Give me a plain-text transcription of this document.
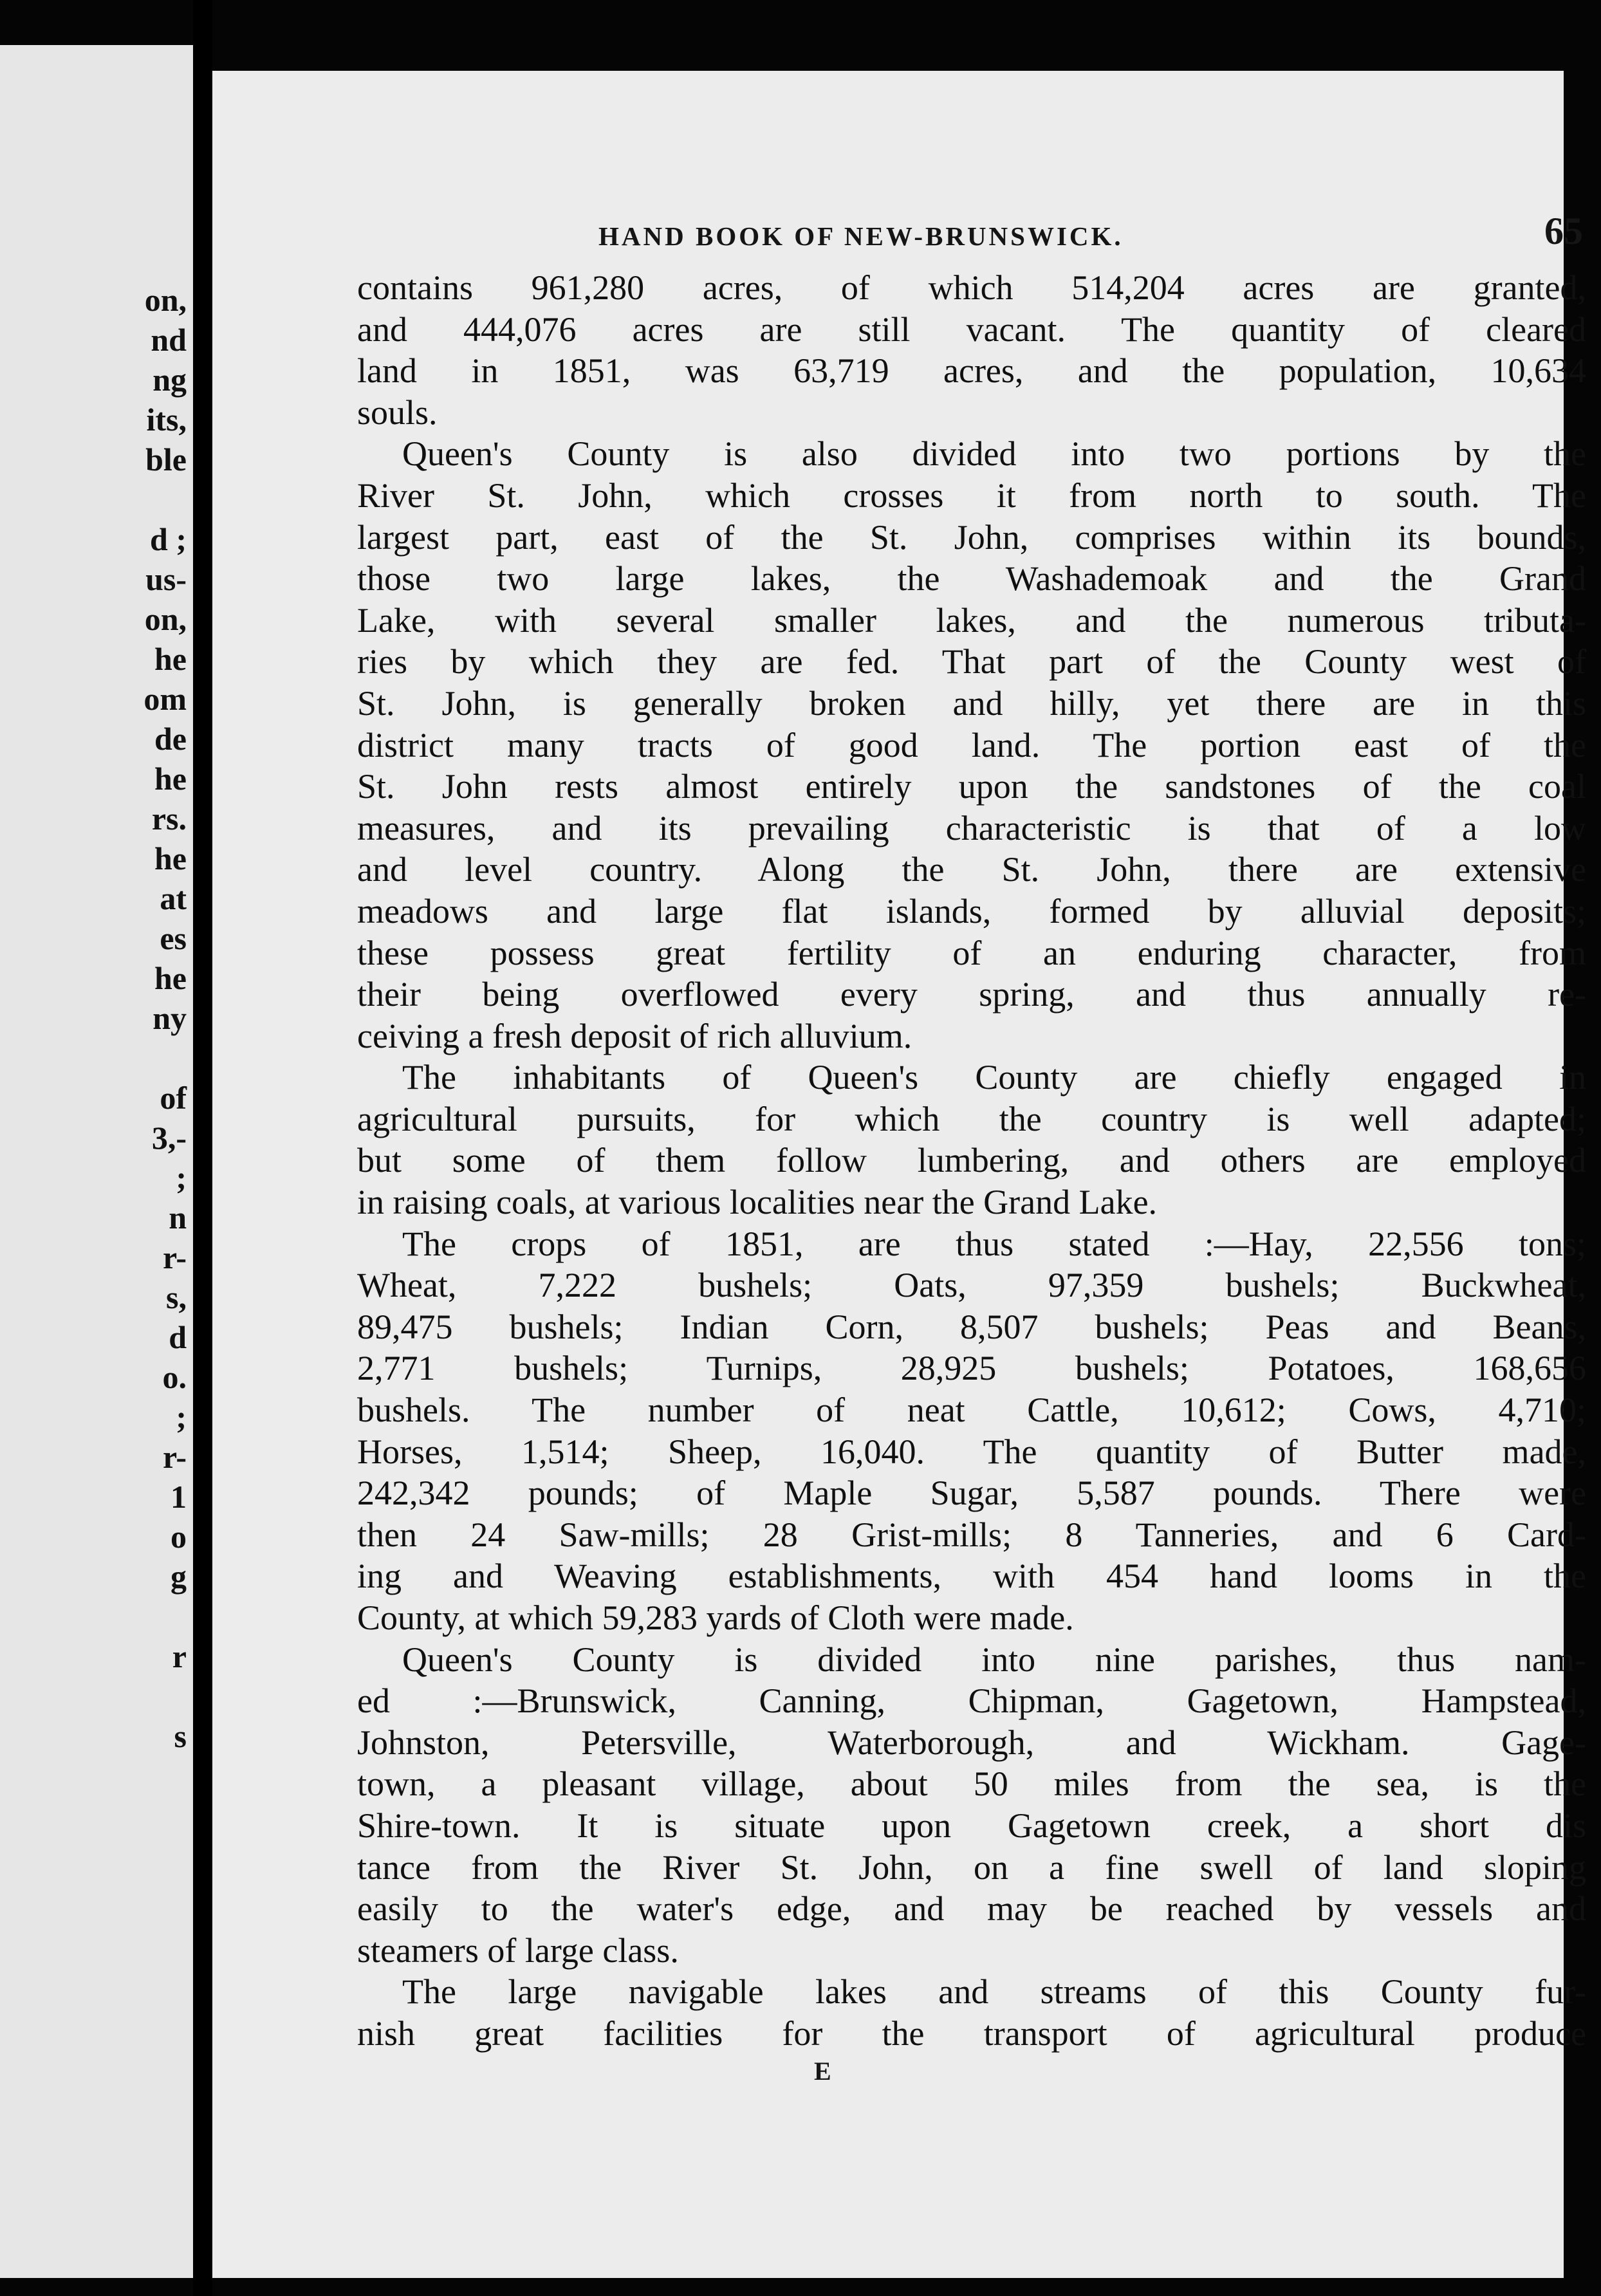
on,
nd
ng
its,
ble
d ;
us-
on,
he
om
de
he
rs.
he
at
es
he
ny
of
3,-
;
n
r-
s,
d
o.
;
r-
1
o
g
r
s
HAND BOOK OF NEW-BRUNSWICK.	65
contains 961,280 acres, of which 514,204 acres are granted,
and 444,076 acres are still vacant. The quantity of cleared
land in 1851, was 63,719 acres, and the population, 10,634
souls.
Queen's County is also divided into two portions by the
River St. John, which crosses it from north to south. The
largest part, east of the St. John, comprises within its bounds,
those two large lakes, the Washademoak and the Grand
Lake, with several smaller lakes, and the numerous tributa-
ries by which they are fed. That part of the County west of
St. John, is generally broken and hilly, yet there are in this
district many tracts of good land. The portion east of the
St. John rests almost entirely upon the sandstones of the coal
measures, and its prevailing characteristic is that of a low
and level country. Along the St. John, there are extensive
meadows and large flat islands, formed by alluvial deposits;
these possess great fertility of an enduring character, from
their being overflowed every spring, and thus annually re-
ceiving a fresh deposit of rich alluvium.
The inhabitants of Queen's County are chiefly engaged in
agricultural pursuits, for which the country is well adapted;
but some of them follow lumbering, and others are employed
in raising coals, at various localities near the Grand Lake.
The crops of 1851, are thus stated :—Hay, 22,556 tons;
Wheat, 7,222 bushels; Oats, 97,359 bushels; Buckwheat,
89,475 bushels; Indian Corn, 8,507 bushels; Peas and Beans,
2,771 bushels; Turnips, 28,925 bushels; Potatoes, 168,656
bushels. The number of neat Cattle, 10,612; Cows, 4,710;
Horses, 1,514; Sheep, 16,040. The quantity of Butter made,
242,342 pounds; of Maple Sugar, 5,587 pounds. There were
then 24 Saw-mills; 28 Grist-mills; 8 Tanneries, and 6 Card-
ing and Weaving establishments, with 454 hand looms in the
County, at which 59,283 yards of Cloth were made.
Queen's County is divided into nine parishes, thus nam-
ed :—Brunswick, Canning, Chipman, Gagetown, Hampstead,
Johnston, Petersville, Waterborough, and Wickham. Gage-
town, a pleasant village, about 50 miles from the sea, is the
Shire-town. It is situate upon Gagetown creek, a short dis
tance from the River St. John, on a fine swell of land sloping
easily to the water's edge, and may be reached by vessels and
steamers of large class.
The large navigable lakes and streams of this County fur-
nish great facilities for the transport of agricultural produce
E
